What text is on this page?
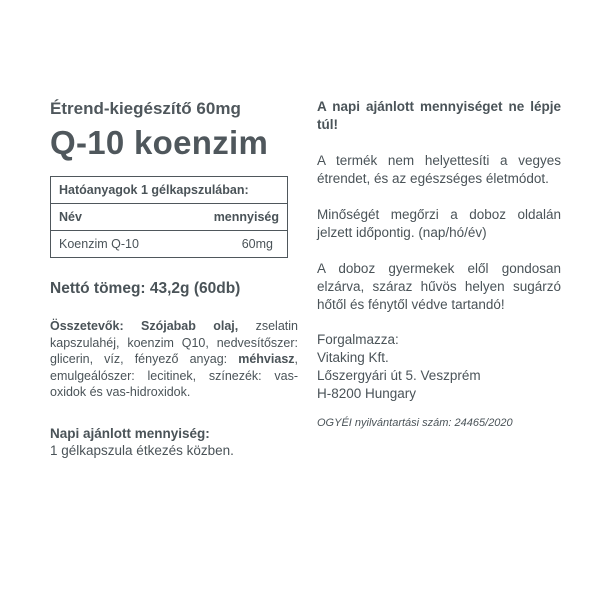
Étrend-kiegészítő 60mg

Q-10 koenzim

Hatóanyagok 1 gélkapszulában:
Név	mennyiség
Koenzim Q-10	60mg
Nettó tömeg: 43,2g (60db)
Összetevők: Szójabab olaj, zselatin kapszulahéj, koenzim Q10, nedvesítőszer: glicerin, víz, fényező anyag: méhviasz, emulgeálószer: lecitinek, színezék: vas-oxidok és vas-hidroxidok.
Napi ajánlott mennyiség:
1 gélkapszula étkezés közben.
A napi ajánlott mennyiséget ne lépje túl!
A termék nem helyettesíti a vegyes étrendet, és az egészséges életmódot.
Minőségét megőrzi a doboz oldalán jelzett időpontig. (nap/hó/év)
A doboz gyermekek elől gondosan elzárva, száraz hűvös helyen sugárzó hőtől és fénytől védve tartandó!
Forgalmazza:
Vitaking Kft.
Lőszergyári út 5. Veszprém
H-8200 Hungary
OGYÉI nyilvántartási szám: 24465/2020
